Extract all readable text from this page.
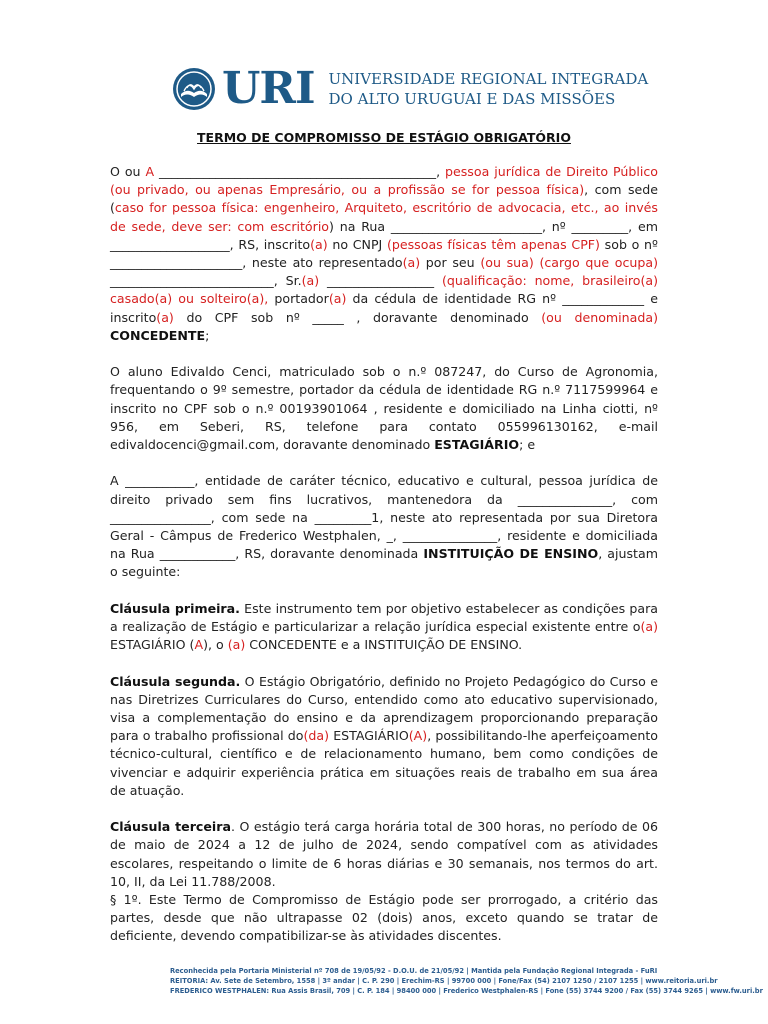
URI UNIVERSIDADE REGIONAL INTEGRADA
DO ALTO URUGUAI E DAS MISSÕES
TERMO DE COMPROMISSO DE ESTÁGIO OBRIGATÓRIO

O ou A ____________________________________________, pessoa jurídica de Direito Público (ou privado, ou apenas Empresário, ou a profissão se for pessoa física), com sede (caso for pessoa física: engenheiro, Arquiteto, escritório de advocacia, etc., ao invés de sede, deve ser: com escritório) na Rua ________________________, nº _________, em ___________________, RS, inscrito(a) no CNPJ (pessoas físicas têm apenas CPF) sob o nº _____________________, neste ato representado(a) por seu (ou sua) (cargo que ocupa) __________________________, Sr.(a) _________________ (qualificação: nome, brasileiro(a) casado(a) ou solteiro(a), portador(a) da cédula de identidade RG nº _____________ e inscrito(a) do CPF sob nº _____ , doravante denominado (ou denominada) CONCEDENTE;

O aluno Edivaldo Cenci, matriculado sob o n.º 087247, do Curso de Agronomia, frequentando o 9º semestre, portador da cédula de identidade RG n.º 7117599964 e inscrito no CPF sob o n.º 00193901064 , residente e domiciliado na Linha ciotti, nº 956, em Seberi, RS, telefone para contato 055996130162, e-mail edivaldocenci@gmail.com, doravante denominado ESTAGIÁRIO; e

A ___________, entidade de caráter técnico, educativo e cultural, pessoa jurídica de direito privado sem fins lucrativos, mantenedora da _______________, com ________________, com sede na _________1, neste ato representada por sua Diretora Geral - Câmpus de Frederico Westphalen, _, _______________, residente e domiciliada na Rua ____________, RS, doravante denominada INSTITUIÇÃO DE ENSINO, ajustam o seguinte:

Cláusula primeira. Este instrumento tem por objetivo estabelecer as condições para a realização de Estágio e particularizar a relação jurídica especial existente entre o(a) ESTAGIÁRIO (A), o (a) CONCEDENTE e a INSTITUIÇÃO DE ENSINO.

Cláusula segunda. O Estágio Obrigatório, definido no Projeto Pedagógico do Curso e nas Diretrizes Curriculares do Curso, entendido como ato educativo supervisionado, visa a complementação do ensino e da aprendizagem proporcionando preparação para o trabalho profissional do(da) ESTAGIÁRIO(A), possibilitando-lhe aperfeiçoamento técnico-cultural, científico e de relacionamento humano, bem como condições de vivenciar e adquirir experiência prática em situações reais de trabalho em sua área de atuação.

Cláusula terceira. O estágio terá carga horária total de 300 horas, no período de 06 de maio de 2024 a 12 de julho de 2024, sendo compatível com as atividades escolares, respeitando o limite de 6 horas diárias e 30 semanais, nos termos do art. 10, II, da Lei 11.788/2008.

§ 1º. Este Termo de Compromisso de Estágio pode ser prorrogado, a critério das partes, desde que não ultrapasse 02 (dois) anos, exceto quando se tratar de deficiente, devendo compatibilizar-se às atividades discentes.

Reconhecida pela Portaria Ministerial nº 708 de 19/05/92 - D.O.U. de 21/05/92 | Mantida pela Fundação Regional Integrada - FuRI
REITORIA: Av. Sete de Setembro, 1558 | 3º andar | C. P. 290 | Erechim-RS | 99700 000 | Fone/Fax (54) 2107 1250 / 2107 1255 | www.reitoria.uri.br
FREDERICO WESTPHALEN: Rua Assis Brasil, 709 | C. P. 184 | 98400 000 | Frederico Westphalen-RS | Fone (55) 3744 9200 / Fax (55) 3744 9265 | www.fw.uri.br
